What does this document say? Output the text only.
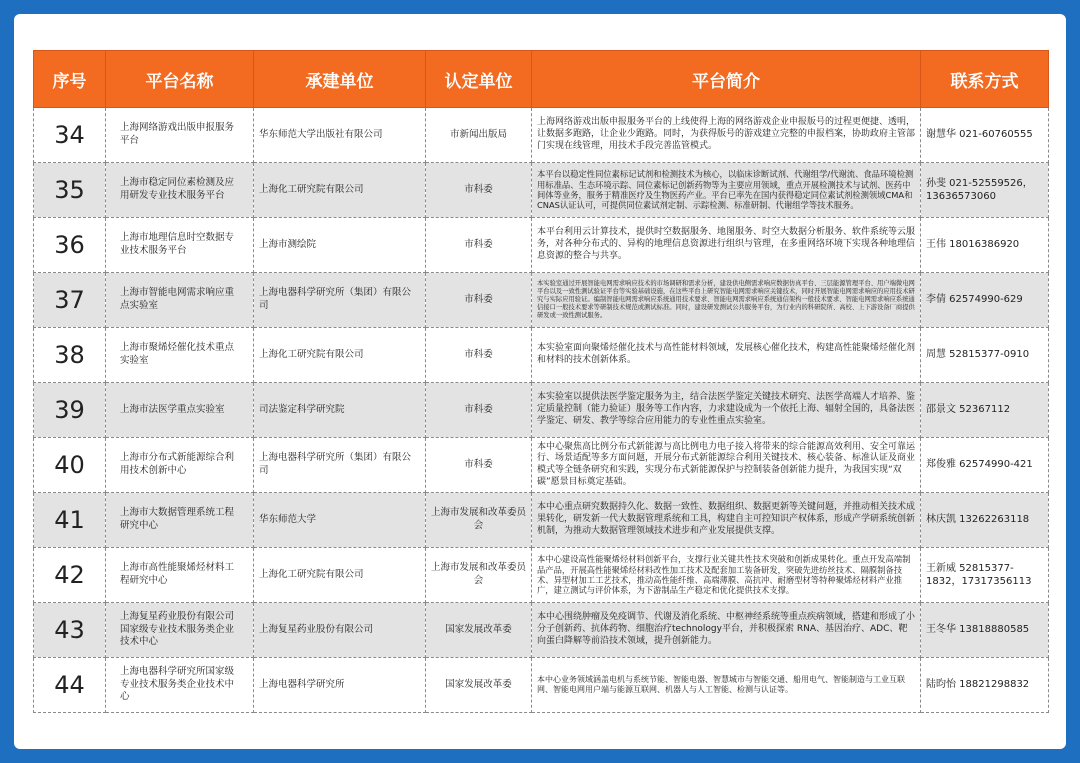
序号	平台名称	承建单位	认定单位	平台简介	联系方式
34	上海网络游戏出版申报服务平台	华东师范大学出版社有限公司	市新闻出版局	上海网络游戏出版申报服务平台的上线使得上海的网络游戏企业申报版号的过程更便捷、透明，让数据多跑路，让企业少跑路。同时，为获得版号的游戏建立完整的申报档案，协助政府主管部门实现在线管理，用技术手段完善监管模式。	谢慧华 021-60760555
35	上海市稳定同位素检测及应用研发专业技术服务平台	上海化工研究院有限公司	市科委	本平台以稳定性同位素标记试剂和检测技术为核心，以临床诊断试剂、代谢组学/代谢流、食品环境检测用标准品、生态环境示踪、同位素标记创新药物等为主要应用领域，重点开展检测技术与试剂、医药中间体等业务，服务于精准医疗及生物医药产业。平台已率先在国内获得稳定同位素试剂检测领域CMA和CNAS认证认可，可提供同位素试剂定制、示踪检测、标准研制、代谢组学等技术服务。	孙斐 021-52559526，13636573060
36	上海市地理信息时空数据专业技术服务平台	上海市测绘院	市科委	本平台利用云计算技术，提供时空数据服务、地图服务、时空大数据分析服务、软件系统等云服务，对各种分布式的、异构的地理信息资源进行组织与管理，在多重网络环境下实现各种地理信息资源的整合与共享。	王伟 18016386920
37	上海市智能电网需求响应重点实验室	上海电器科学研究所（集团）有限公司	市科委	本实验室通过开展智能电网需求响应技术的市场调研和需求分析，建设供电侧需求响应数据仿真平台、三层能源管理平台、用户端微电网平台以及一致性测试验证平台等实验基础设施，在这些平台上研究智能电网需求响应关键技术，同时开展智能电网需求响应的应用技术研究与实际应用验证。编制智能电网需求响应系统通用技术要求、智能电网需求响应系统通信架构一般技术要求、智能电网需求响应系统通信接口一般技术要求等研制技术规范或测试标准。同时，建设研发测试公共服务平台，为行业内的科研院所、高校、上下游设备厂商提供研发或一致性测试服务。	李倩 62574990-629
38	上海市聚烯烃催化技术重点实验室	上海化工研究院有限公司	市科委	本实验室面向聚烯烃催化技术与高性能材料领域，发展核心催化技术，构建高性能聚烯烃催化剂和材料的技术创新体系。	周慧 52815377-0910
39	上海市法医学重点实验室	司法鉴定科学研究院	市科委	本实验室以提供法医学鉴定服务为主，结合法医学鉴定关键技术研究、法医学高端人才培养、鉴定质量控制（能力验证）服务等工作内容，力求建设成为一个依托上海、辐射全国的，具备法医学鉴定、研发、教学等综合应用能力的专业性重点实验室。	邵景文 52367112
40	上海市分布式新能源综合利用技术创新中心	上海电器科学研究所（集团）有限公司	市科委	本中心聚焦高比例分布式新能源与高比例电力电子接入将带来的综合能源高效利用、安全可靠运行、场景适配等多方面问题，开展分布式新能源综合利用关键技术、核心装备、标准认证及商业模式等全链条研究和实践，实现分布式新能源保护与控制装备创新能力提升，为我国实现“双碳”愿景目标奠定基础。	郑俊雅 62574990-421
41	上海市大数据管理系统工程研究中心	华东师范大学	上海市发展和改革委员会	本中心重点研究数据持久化、数据一致性、数据组织、数据更新等关键问题，并推动相关技术成果转化，研发新一代大数据管理系统和工具，构建自主可控知识产权体系，形成产学研系统创新机制，为推动大数据管理领域技术进步和产业发展提供支撑。	林庆凯 13262263118
42	上海市高性能聚烯烃材料工程研究中心	上海化工研究院有限公司	上海市发展和改革委员会	本中心建设高性能聚烯烃材料创新平台，支撑行业关键共性技术突破和创新成果转化。重点开发高端制品产品，开展高性能聚烯烃材料改性加工技术及配套加工装备研发，突破先进纺丝技术、隔膜制备技术、异型材加工工艺技术，推动高性能纤维、高端薄膜、高抗冲、耐磨型材等特种聚烯烃材料产业推广，建立测试与评价体系，为下游制品生产稳定和优化提供技术支撑。	王新威 52815377-1832，17317356113
43	上海复星药业股份有限公司国家级专业技术服务类企业技术中心	上海复星药业股份有限公司	国家发展改革委	本中心围绕肿瘤及免疫调节、代谢及消化系统、中枢神经系统等重点疾病领域，搭建和形成了小分子创新药、抗体药物、细胞治疗technology平台，并积极探索 RNA、基因治疗、ADC、靶向蛋白降解等前沿技术领域，提升创新能力。	王冬华 13818880585
44	上海电器科学研究所国家级专业技术服务类企业技术中心	上海电器科学研究所	国家发展改革委	本中心业务领域涵盖电机与系统节能、智能电器、智慧城市与智能交通、船用电气、智能制造与工业互联网、智能电网用户端与能源互联网、机器人与人工智能、检测与认证等。	陆昀怡 18821298832
